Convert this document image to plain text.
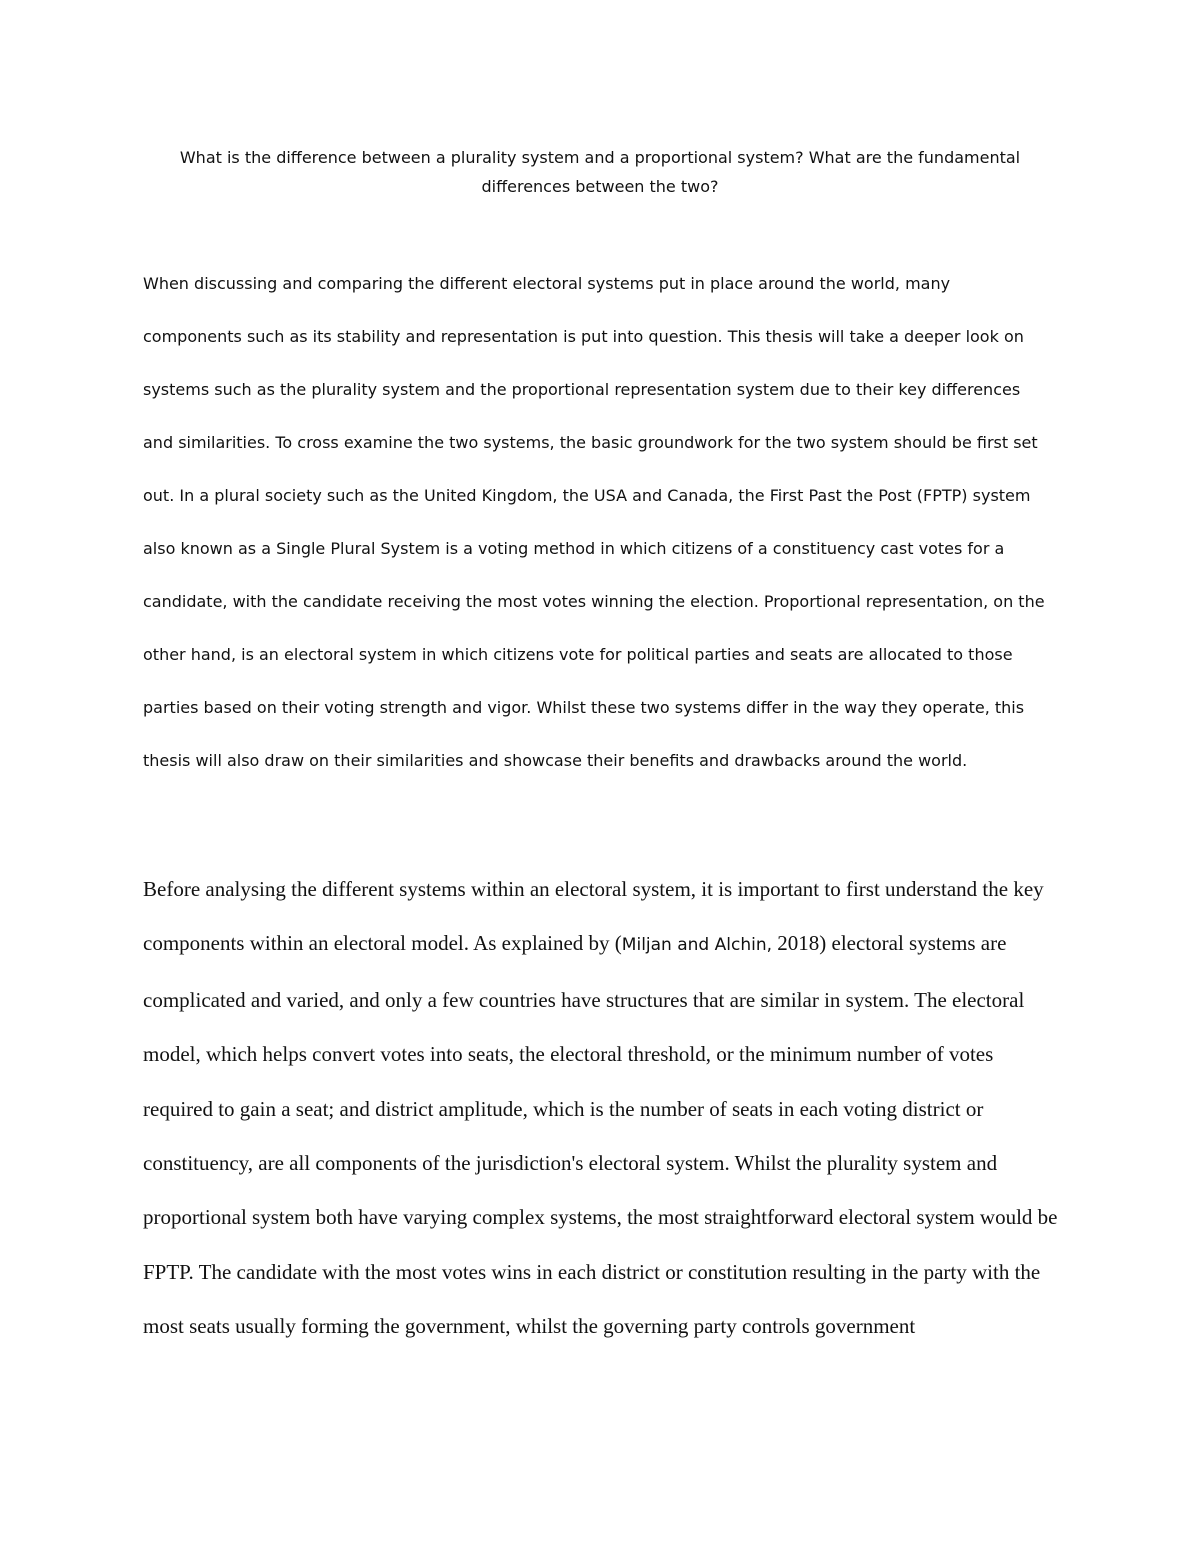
What is the difference between a plurality system and a proportional system? What are the fundamental differences between the two?

When discussing and comparing the different electoral systems put in place around the world, many components such as its stability and representation is put into question. This thesis will take a deeper look on systems such as the plurality system and the proportional representation system due to their key differences and similarities. To cross examine the two systems, the basic groundwork for the two system should be first set out. In a plural society such as the United Kingdom, the USA and Canada, the First Past the Post (FPTP) system also known as a Single Plural System is a voting method in which citizens of a constituency cast votes for a candidate, with the candidate receiving the most votes winning the election. Proportional representation, on the other hand, is an electoral system in which citizens vote for political parties and seats are allocated to those parties based on their voting strength and vigor. Whilst these two systems differ in the way they operate, this thesis will also draw on their similarities and showcase their benefits and drawbacks around the world.

Before analysing the different systems within an electoral system, it is important to first understand the key components within an electoral model. As explained by (Miljan and Alchin, 2018) electoral systems are complicated and varied, and only a few countries have structures that are similar in system. The electoral model, which helps convert votes into seats, the electoral threshold, or the minimum number of votes required to gain a seat; and district amplitude, which is the number of seats in each voting district or constituency, are all components of the jurisdiction's electoral system. Whilst the plurality system and proportional system both have varying complex systems, the most straightforward electoral system would be FPTP. The candidate with the most votes wins in each district or constitution resulting in the party with the most seats usually forming the government, whilst the governing party controls government
